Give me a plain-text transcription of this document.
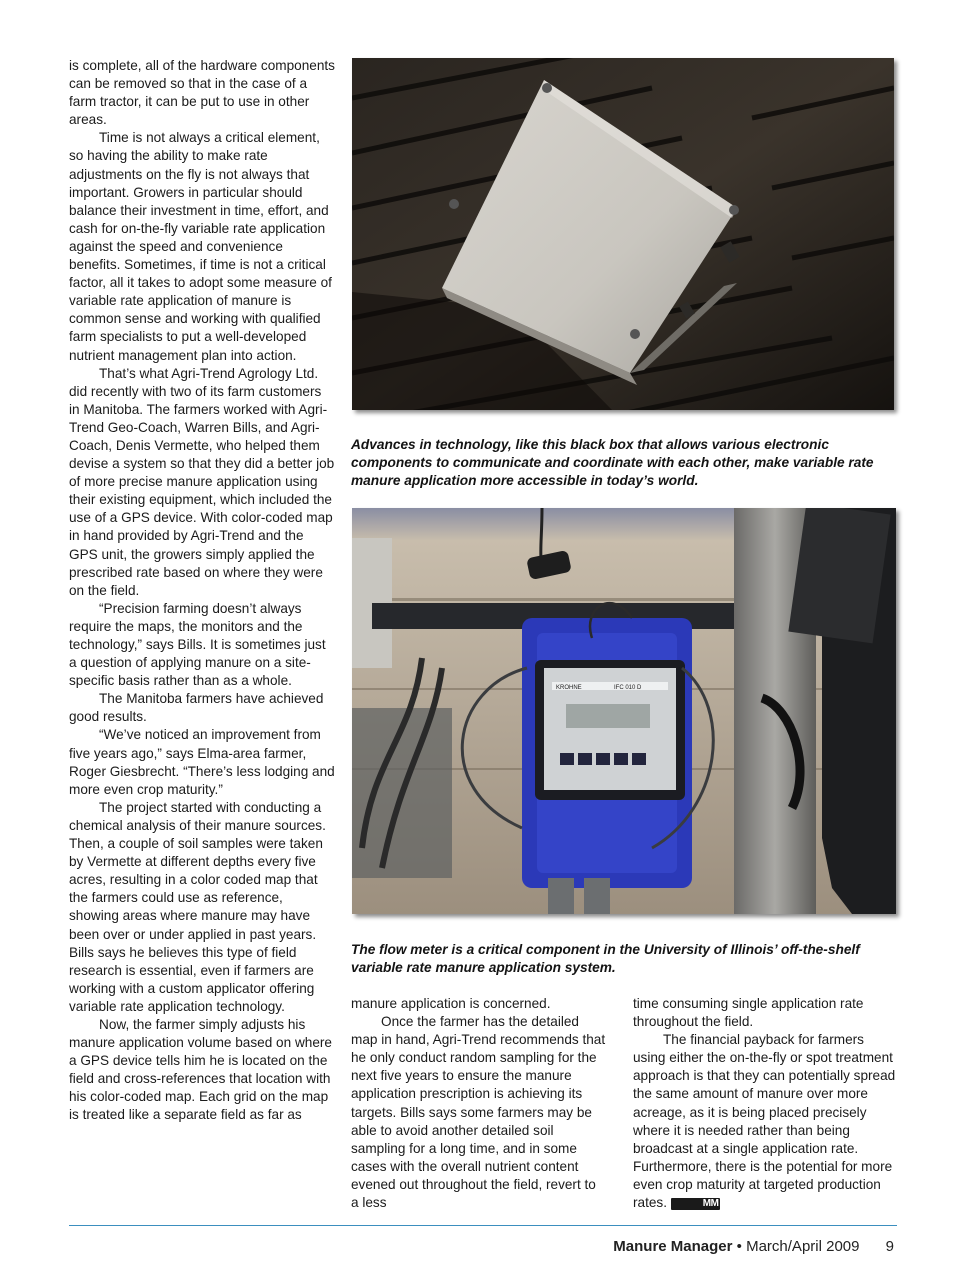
is complete, all of the hardware components can be removed so that in the case of a farm tractor, it can be put to use in other areas.

Time is not always a critical element, so having the ability to make rate adjustments on the fly is not always that important. Growers in particular should balance their investment in time, effort, and cash for on-the-fly variable rate application against the speed and convenience benefits. Sometimes, if time is not a critical factor, all it takes to adopt some measure of variable rate application of manure is common sense and working with qualified farm specialists to put a well-developed nutrient management plan into action.

That’s what Agri-Trend Agrology Ltd. did recently with two of its farm customers in Manitoba. The farmers worked with Agri-Trend Geo-Coach, Warren Bills, and Agri-Coach, Denis Vermette, who helped them devise a system so that they did a better job of more precise manure application using their existing equipment, which included the use of a GPS device. With color-coded map in hand provided by Agri-Trend and the GPS unit, the growers simply applied the prescribed rate based on where they were on the field.

“Precision farming doesn’t always require the maps, the monitors and the technology,” says Bills. It is sometimes just a question of applying manure on a site-specific basis rather than as a whole.

The Manitoba farmers have achieved good results.

“We’ve noticed an improvement from five years ago,” says Elma-area farmer, Roger Giesbrecht. “There’s less lodging and more even crop maturity.”

The project started with conducting a chemical analysis of their manure sources. Then, a couple of soil samples were taken by Vermette at different depths every five acres, resulting in a color coded map that the farmers could use as reference, showing areas where manure may have been over or under applied in past years. Bills says he believes this type of field research is essential, even if farmers are working with a custom applicator offering variable rate application technology.

Now, the farmer simply adjusts his manure application volume based on where a GPS device tells him he is located on the field and cross-references that location with his color-coded map. Each grid on the map is treated like a separate field as far as

Advances in technology, like this black box that allows various electronic components to communicate and coordinate with each other, make variable rate manure application more accessible in today’s world.
KROHNE	IFC 010 D
The flow meter is a critical component in the University of Illinois’ off-the-shelf variable rate manure application system.

manure application is concerned.

Once the farmer has the detailed map in hand, Agri-Trend recommends that he only conduct random sampling for the next five years to ensure the manure application prescription is achieving its targets. Bills says some farmers may be able to avoid another detailed soil sampling for a long time, and in some cases with the overall nutrient content evened out throughout the field, revert to a less

time consuming single application rate throughout the field.

The financial payback for farmers using either the on-the-fly or spot treatment approach is that they can potentially spread the same amount of manure over more acreage, as it is being placed precisely where it is needed rather than being broadcast at a single application rate. Furthermore, there is the potential for more even crop maturity at targeted production rates.	MM

Manure Manager • March/April 2009 9
